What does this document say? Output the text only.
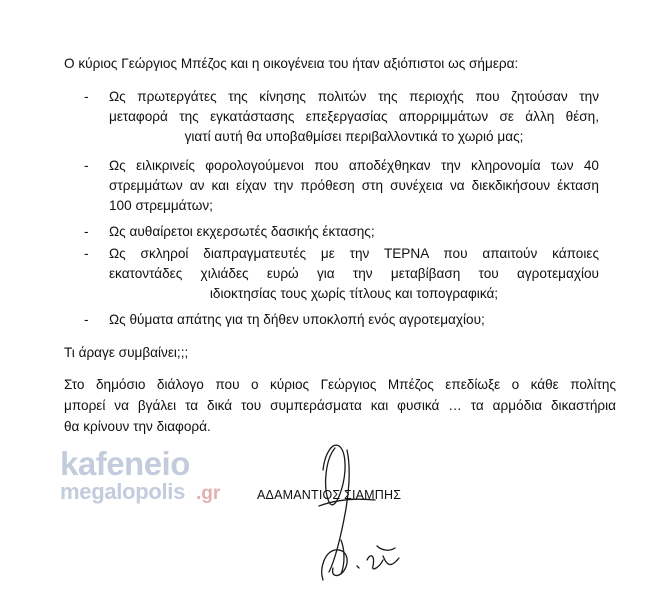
Ο κύριος Γεώργιος Μπέζος και η οικογένεια του ήταν αξιόπιστοι ως σήμερα:
- Ως πρωτεργάτες της κίνησης πολιτών της περιοχής που ζητούσαν την
μεταφορά της εγκατάστασης επεξεργασίας απορριμμάτων σε άλλη θέση,
γιατί αυτή θα υποβαθμίσει περιβαλλοντικά το χωριό μας;
- Ως ειλικρινείς φορολογούμενοι που αποδέχθηκαν την κληρονομία των 40
στρεμμάτων αν και είχαν την πρόθεση στη συνέχεια να διεκδικήσουν έκταση
100 στρεμμάτων;
- Ως αυθαίρετοι εκχερσωτές δασικής έκτασης;
- Ως σκληροί διαπραγματευτές με την ΤΕΡΝΑ που απαιτούν κάποιες
εκατοντάδες χιλιάδες ευρώ για την μεταβίβαση του αγροτεμαχίου
ιδιοκτησίας τους χωρίς τίτλους και τοπογραφικά;
- Ως θύματα απάτης για τη δήθεν υποκλοπή ενός αγροτεμαχίου;
Τι άραγε συμβαίνει;;;
Στο δημόσιο διάλογο που ο κύριος Γεώργιος Μπέζος επεδίωξε ο κάθε πολίτης
μπορεί να βγάλει τα δικά του συμπεράσματα και φυσικά … τα αρμόδια δικαστήρια
θα κρίνουν την διαφορά.
kafeneio
megalopolis .gr	ΑΔΑΜΑΝΤΙΟΣ ΣΙΑΜΠΗΣ
